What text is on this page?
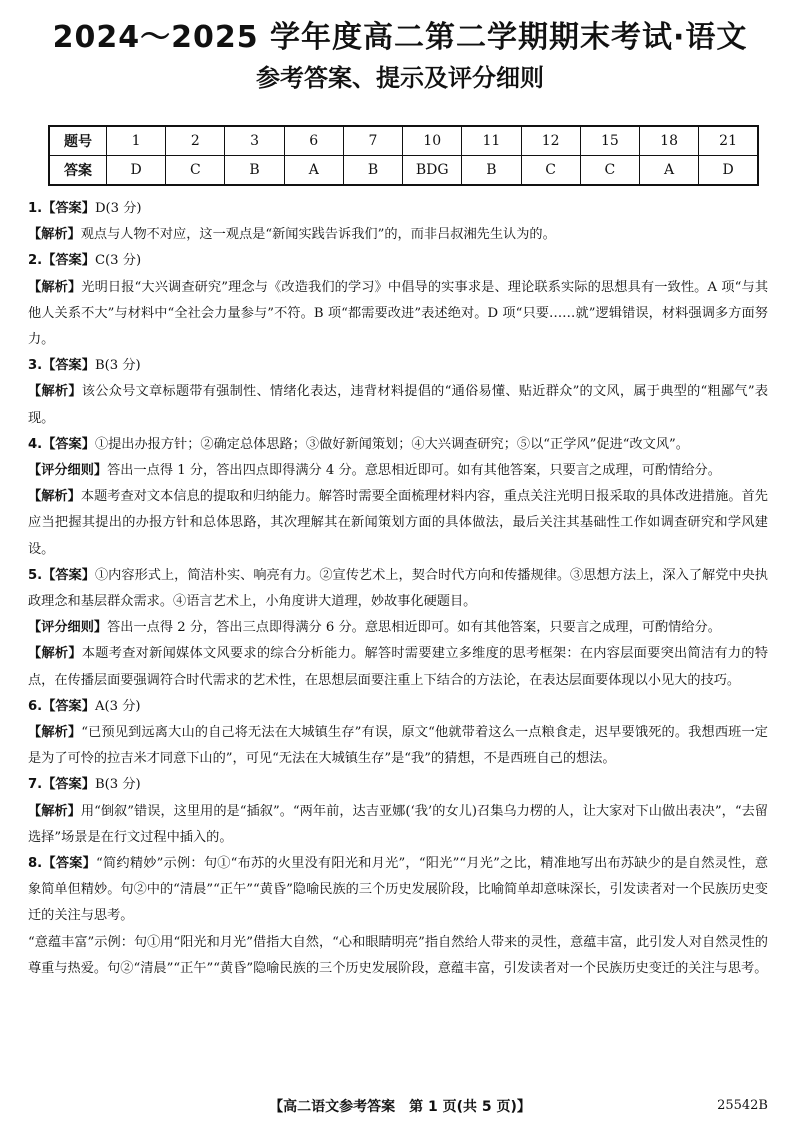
2024～2025 学年度高二第二学期期末考试·语文
参考答案、提示及评分细则
题号	1	2	3	6	7	10	11	12	15	18	21
答案	D	C	B	A	B	BDG	B	C	C	A	D

1.【答案】D(3 分)

【解析】观点与人物不对应，这一观点是“新闻实践告诉我们”的，而非吕叔湘先生认为的。

2.【答案】C(3 分)

【解析】光明日报“大兴调查研究”理念与《改造我们的学习》中倡导的实事求是、理论联系实际的思想具有一致性。A 项“与其他人关系不大”与材料中“全社会力量参与”不符。B 项“都需要改进”表述绝对。D 项“只要……就”逻辑错误，材料强调多方面努力。

3.【答案】B(3 分)

【解析】该公众号文章标题带有强制性、情绪化表达，违背材料提倡的“通俗易懂、贴近群众”的文风，属于典型的“粗鄙气”表现。

4.【答案】①提出办报方针；②确定总体思路；③做好新闻策划；④大兴调查研究；⑤以“正学风”促进“改文风”。

【评分细则】答出一点得 1 分，答出四点即得满分 4 分。意思相近即可。如有其他答案，只要言之成理，可酌情给分。

【解析】本题考查对文本信息的提取和归纳能力。解答时需要全面梳理材料内容，重点关注光明日报采取的具体改进措施。首先应当把握其提出的办报方针和总体思路，其次理解其在新闻策划方面的具体做法，最后关注其基础性工作如调查研究和学风建设。

5.【答案】①内容形式上，简洁朴实、响亮有力。②宣传艺术上，契合时代方向和传播规律。③思想方法上，深入了解党中央执政理念和基层群众需求。④语言艺术上，小角度讲大道理，妙故事化硬题目。

【评分细则】答出一点得 2 分，答出三点即得满分 6 分。意思相近即可。如有其他答案，只要言之成理，可酌情给分。

【解析】本题考查对新闻媒体文风要求的综合分析能力。解答时需要建立多维度的思考框架：在内容层面要突出简洁有力的特点，在传播层面要强调符合时代需求的艺术性，在思想层面要注重上下结合的方法论，在表达层面要体现以小见大的技巧。

6.【答案】A(3 分)

【解析】“已预见到远离大山的自己将无法在大城镇生存”有误，原文“他就带着这么一点粮食走，迟早要饿死的。我想西班一定是为了可怜的拉吉米才同意下山的”，可见“无法在大城镇生存”是“我”的猜想，不是西班自己的想法。

7.【答案】B(3 分)

【解析】用“倒叙”错误，这里用的是“插叙”。“两年前，达吉亚娜(‘我’的女儿)召集乌力楞的人，让大家对下山做出表决”，“去留选择”场景是在行文过程中插入的。

8.【答案】“简约精妙”示例：句①“布苏的火里没有阳光和月光”，“阳光”“月光”之比，精准地写出布苏缺少的是自然灵性，意象简单但精妙。句②中的“清晨”“正午”“黄昏”隐喻民族的三个历史发展阶段，比喻简单却意味深长，引发读者对一个民族历史变迁的关注与思考。

“意蕴丰富”示例：句①用“阳光和月光”借指大自然，“心和眼睛明亮”指自然给人带来的灵性，意蕴丰富，此引发人对自然灵性的尊重与热爱。句②“清晨”“正午”“黄昏”隐喻民族的三个历史发展阶段，意蕴丰富，引发读者对一个民族历史变迁的关注与思考。

【高二语文参考答案　第 1 页(共 5 页)】	25542B
